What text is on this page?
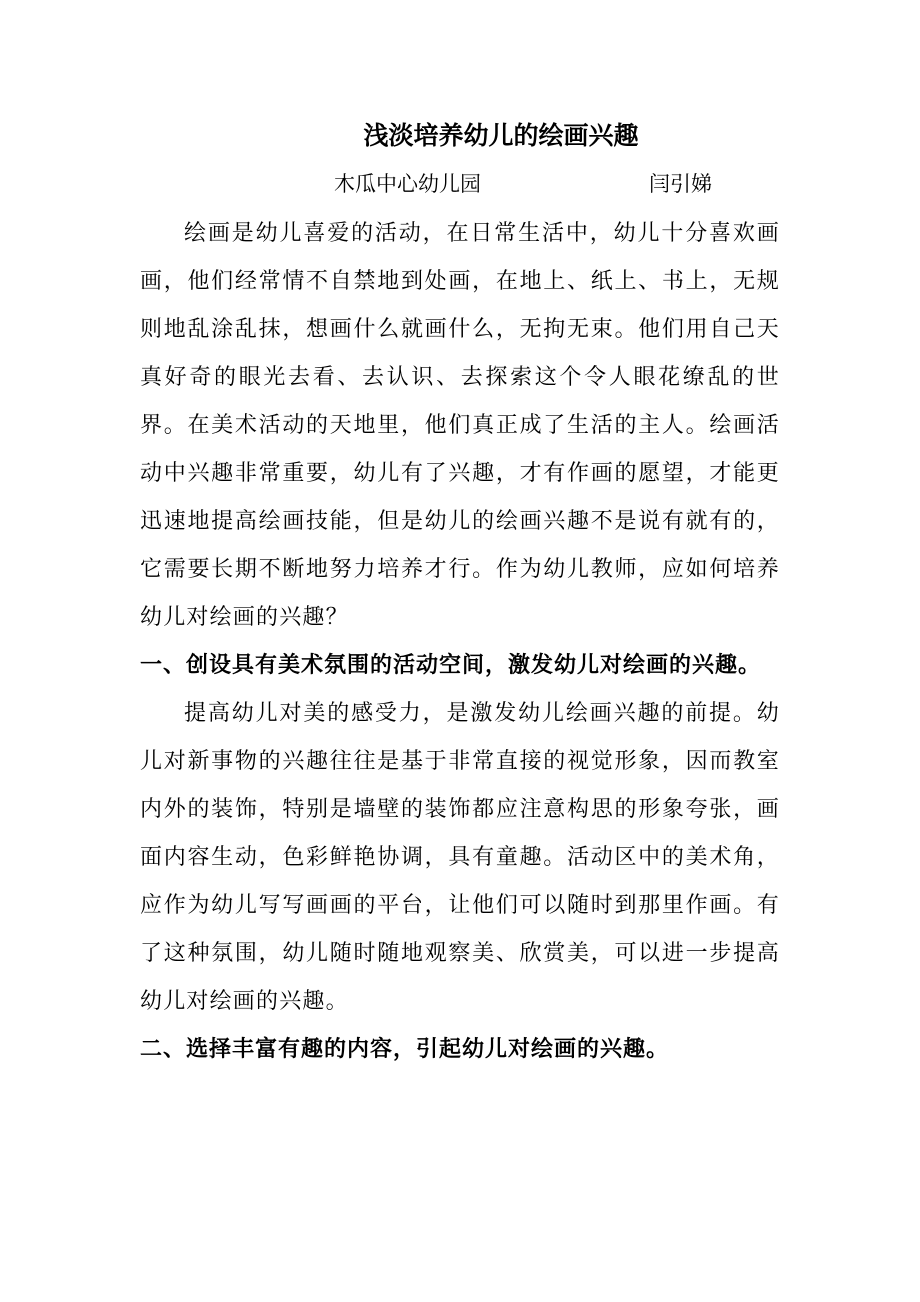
浅淡培养幼儿的绘画兴趣
木瓜中心幼儿园	闫引娣

绘画是幼儿喜爱的活动，在日常生活中，幼儿十分喜欢画画，他们经常情不自禁地到处画，在地上、纸上、书上，无规则地乱涂乱抹，想画什么就画什么，无拘无束。他们用自己天真好奇的眼光去看、去认识、去探索这个令人眼花缭乱的世界。在美术活动的天地里，他们真正成了生活的主人。绘画活动中兴趣非常重要，幼儿有了兴趣，才有作画的愿望，才能更迅速地提高绘画技能，但是幼儿的绘画兴趣不是说有就有的，它需要长期不断地努力培养才行。作为幼儿教师，应如何培养幼儿对绘画的兴趣？

一、创设具有美术氛围的活动空间，激发幼儿对绘画的兴趣。

提高幼儿对美的感受力，是激发幼儿绘画兴趣的前提。幼儿对新事物的兴趣往往是基于非常直接的视觉形象，因而教室内外的装饰，特别是墙壁的装饰都应注意构思的形象夸张，画面内容生动，色彩鲜艳协调，具有童趣。活动区中的美术角，应作为幼儿写写画画的平台，让他们可以随时到那里作画。有了这种氛围，幼儿随时随地观察美、欣赏美，可以进一步提高幼儿对绘画的兴趣。

二、选择丰富有趣的内容，引起幼儿对绘画的兴趣。
